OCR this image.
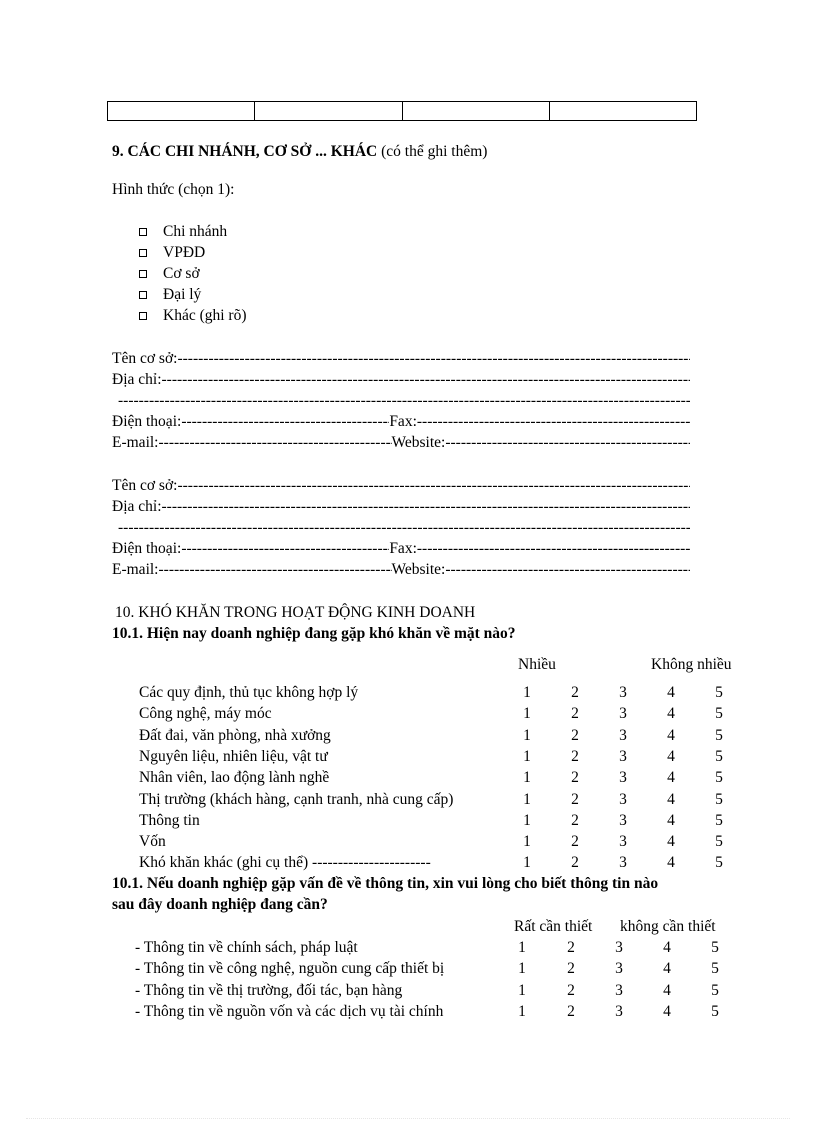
9. CÁC CHI NHÁNH, CƠ SỞ ... KHÁC (có thể ghi thêm)
Hình thức (chọn 1):
Chi nhánh
VPĐD
Cơ sở
Đại lý
Khác (ghi rõ)
Tên cơ sở:
-----
Địa chỉ:
-----
-----
Điện thoại: -----	Fax:
-----
E-mail: -----	Website:
-----
Tên cơ sở:
-----
Địa chỉ:
-----
-----
Điện thoại: -----	Fax:
-----
E-mail: -----	Website:
-----
10. KHÓ KHĂN TRONG HOẠT ĐỘNG KINH DOANH
10.1. Hiện nay doanh nghiệp đang gặp khó khăn về mặt nào?
Nhiều	Không nhiều
Các quy định, thủ tục không hợp lý	1	2	3	4	5
Công nghệ, máy móc	1	2	3	4	5
Đất đai, văn phòng, nhà xưởng	1	2	3	4	5
Nguyên liệu, nhiên liệu, vật tư	1	2	3	4	5
Nhân viên, lao động lành nghề	1	2	3	4	5
Thị trường (khách hàng, cạnh tranh, nhà cung cấp)	1	2	3	4	5
Thông tin	1	2	3	4	5
Vốn	1	2	3	4	5
Khó khăn khác (ghi cụ thể) -----------------------	1	2	3	4	5
10.1. Nếu doanh nghiệp gặp vấn đề về thông tin, xin vui lòng cho biết thông tin nào
sau đây doanh nghiệp đang cần?
Rất cần thiết không cần thiết
- Thông tin về chính sách, pháp luật	1	2	3	4	5
- Thông tin về công nghệ, nguồn cung cấp thiết bị	1	2	3	4	5
- Thông tin về thị trường, đối tác, bạn hàng	1	2	3	4	5
- Thông tin về nguồn vốn và các dịch vụ tài chính	1	2	3	4	5
